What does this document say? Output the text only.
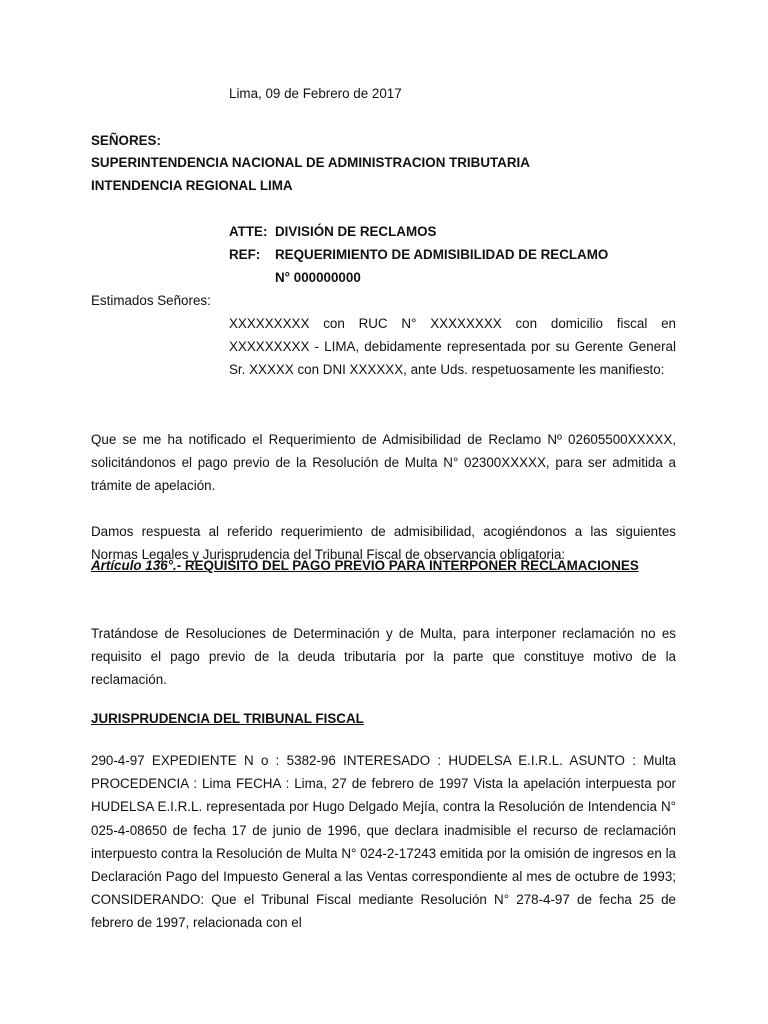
Lima, 09 de Febrero de 2017
SEÑORES:
SUPERINTENDENCIA NACIONAL DE ADMINISTRACION TRIBUTARIA
INTENDENCIA REGIONAL LIMA
ATTE: DIVISIÓN DE RECLAMOS
REF: REQUERIMIENTO DE ADMISIBILIDAD DE RECLAMO
N° 000000000
Estimados Señores:
XXXXXXXXX con RUC N° XXXXXXXX con domicilio fiscal en XXXXXXXXX - LIMA, debidamente representada por su Gerente General Sr. XXXXX con DNI XXXXXX, ante Uds. respetuosamente les manifiesto:
Que se me ha notificado el Requerimiento de Admisibilidad de Reclamo Nº 02605500XXXXX, solicitándonos el pago previo de la Resolución de Multa N° 02300XXXXX, para ser admitida a trámite de apelación.
Damos respuesta al referido requerimiento de admisibilidad, acogiéndonos a las siguientes Normas Legales y Jurisprudencia del Tribunal Fiscal de observancia obligatoria:
Artículo 136°.- REQUISITO DEL PAGO PREVIO PARA INTERPONER RECLAMACIONES
Tratándose de Resoluciones de Determinación y de Multa, para interponer reclamación no es requisito el pago previo de la deuda tributaria por la parte que constituye motivo de la reclamación.
JURISPRUDENCIA DEL TRIBUNAL FISCAL
290-4-97 EXPEDIENTE N o : 5382-96 INTERESADO : HUDELSA E.I.R.L. ASUNTO : Multa PROCEDENCIA : Lima FECHA : Lima, 27 de febrero de 1997 Vista la apelación interpuesta por HUDELSA E.I.R.L. representada por Hugo Delgado Mejía, contra la Resolución de Intendencia N° 025-4-08650 de fecha 17 de junio de 1996, que declara inadmisible el recurso de reclamación interpuesto contra la Resolución de Multa N° 024-2-17243 emitida por la omisión de ingresos en la Declaración Pago del Impuesto General a las Ventas correspondiente al mes de octubre de 1993; CONSIDERANDO: Que el Tribunal Fiscal mediante Resolución N° 278-4-97 de fecha 25 de febrero de 1997, relacionada con el
